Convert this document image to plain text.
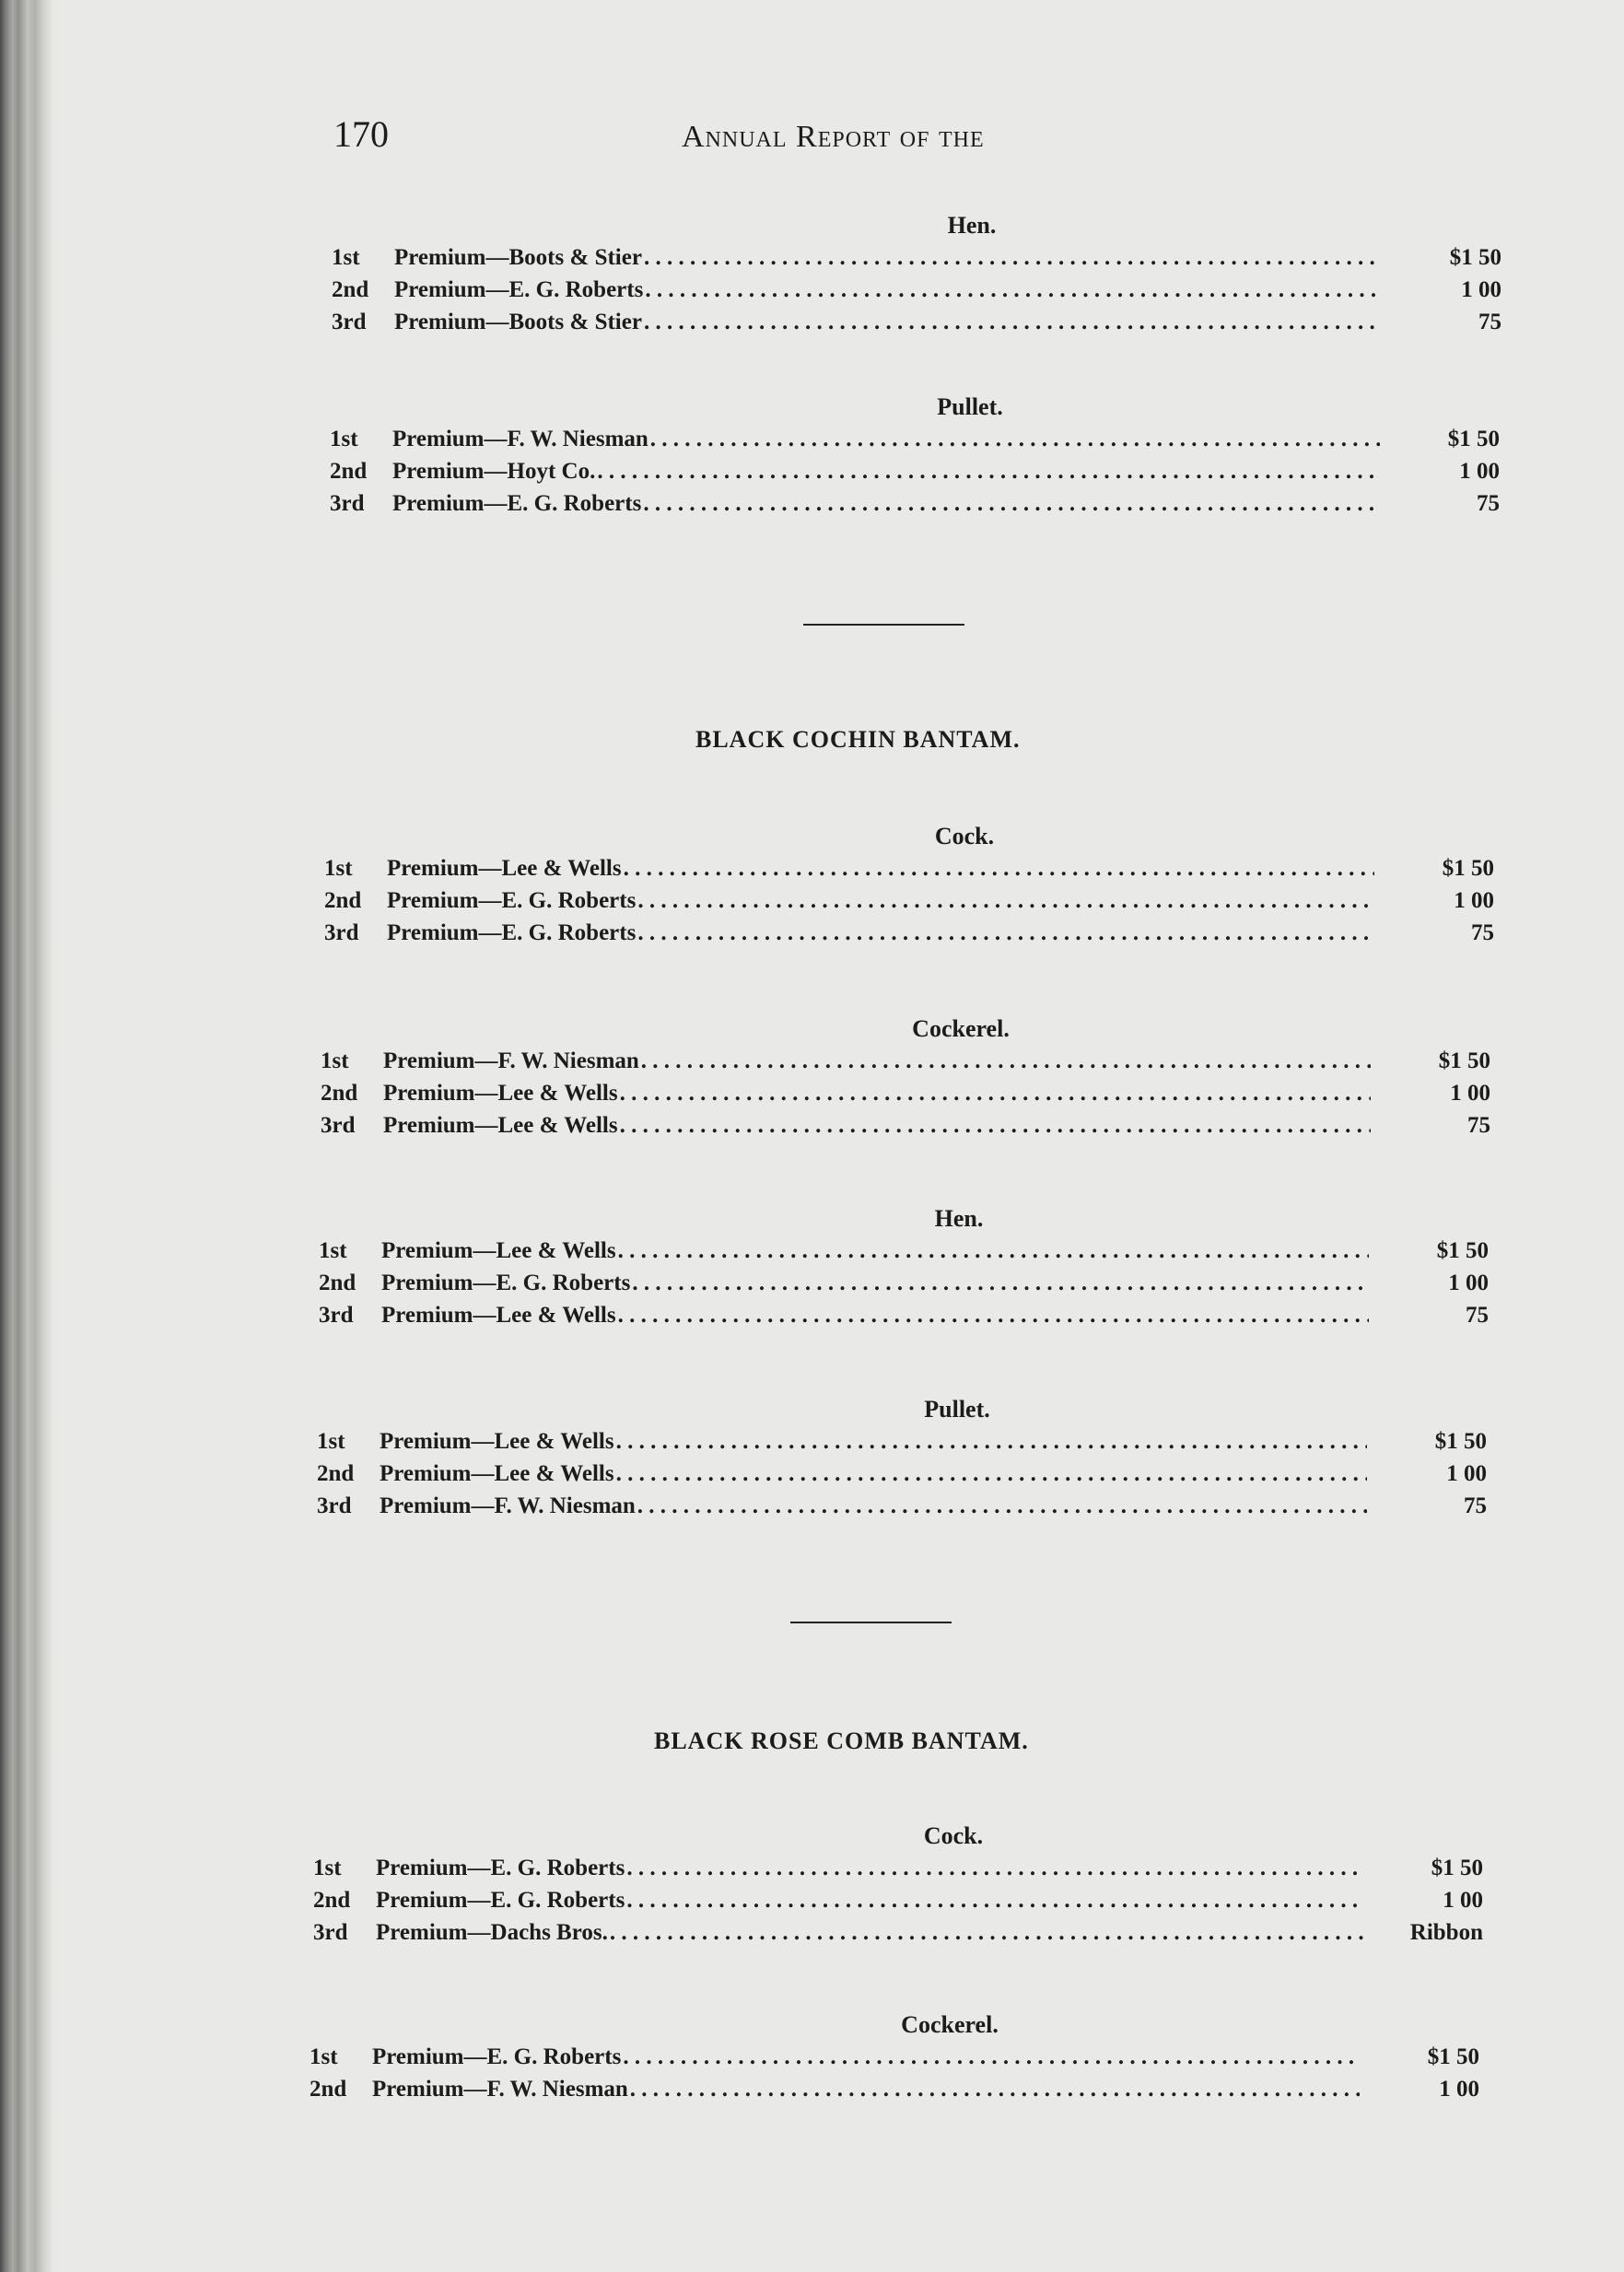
170	Annual Report of the
Hen.
1st	Premium—Boots & Stier . . .	$1 50
2nd	Premium—E. G. Roberts . . .	1 00
3rd	Premium—Boots & Stier . . .	75
Pullet.
1st	Premium—F. W. Niesman . . .	$1 50
2nd	Premium—Hoyt Co. . . .	1 00
3rd	Premium—E. G. Roberts . . .	75
BLACK COCHIN BANTAM.
Cock.
1st	Premium—Lee & Wells . . .	$1 50
2nd	Premium—E. G. Roberts . . .	1 00
3rd	Premium—E. G. Roberts . . .	75
Cockerel.
1st	Premium—F. W. Niesman . . .	$1 50
2nd	Premium—Lee & Wells . . .	1 00
3rd	Premium—Lee & Wells . . .	75
Hen.
1st	Premium—Lee & Wells . . .	$1 50
2nd	Premium—E. G. Roberts . . .	1 00
3rd	Premium—Lee & Wells . . .	75
Pullet.
1st	Premium—Lee & Wells . . .	$1 50
2nd	Premium—Lee & Wells . . .	1 00
3rd	Premium—F. W. Niesman . . .	75
BLACK ROSE COMB BANTAM.
Cock.
1st	Premium—E. G. Roberts . . .	$1 50
2nd	Premium—E. G. Roberts . . .	1 00
3rd	Premium—Dachs Bros. . . .	Ribbon
Cockerel.
1st	Premium—E. G. Roberts . . .	$1 50
2nd	Premium—F. W. Niesman . . .	1 00
